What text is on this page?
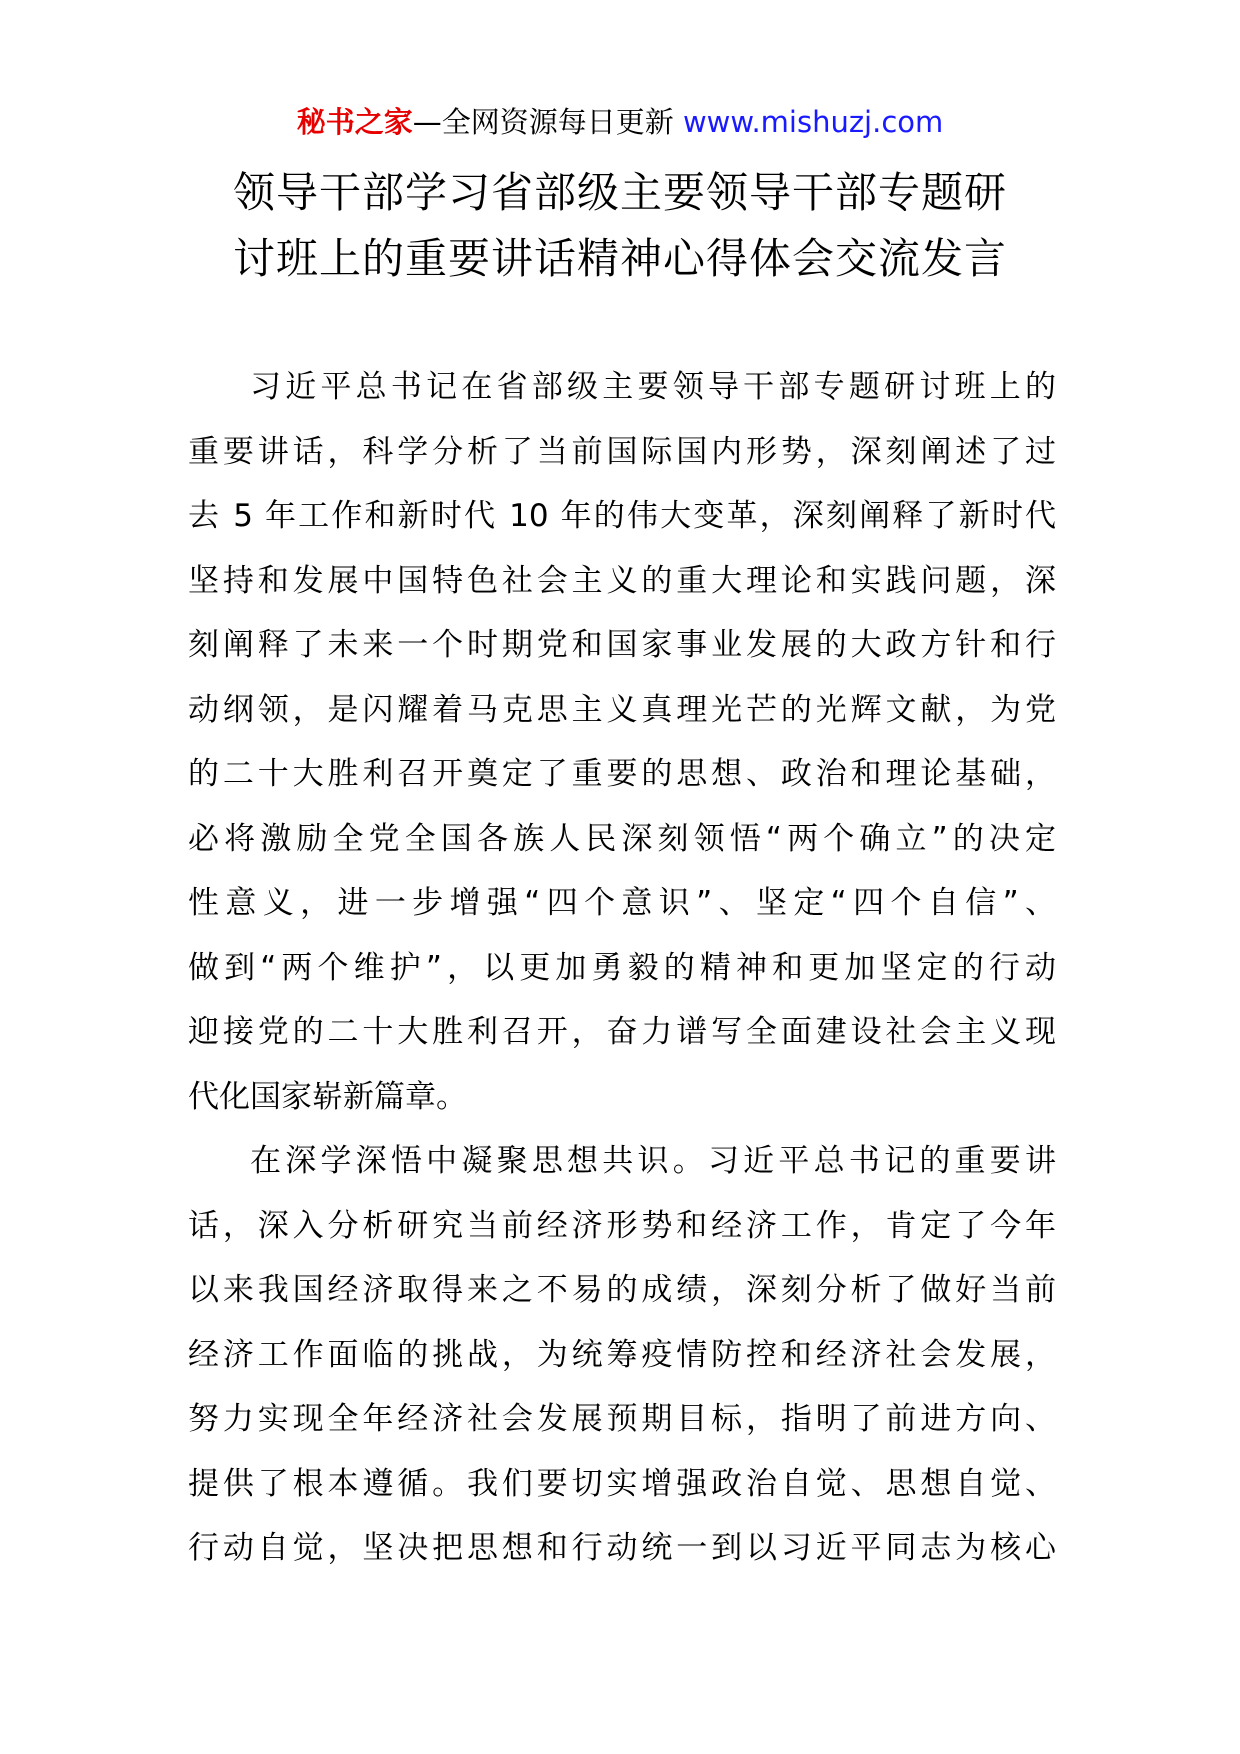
秘书之家—全网资源每日更新 www.mishuzj.com
领导干部学习省部级主要领导干部专题研
讨班上的重要讲话精神心得体会交流发言

习近平总书记在省部级主要领导干部专题研讨班上的
重要讲话，科学分析了当前国际国内形势，深刻阐述了过
去 5 年工作和新时代 10 年的伟大变革，深刻阐释了新时代
坚持和发展中国特色社会主义的重大理论和实践问题，深
刻阐释了未来一个时期党和国家事业发展的大政方针和行
动纲领，是闪耀着马克思主义真理光芒的光辉文献，为党
的二十大胜利召开奠定了重要的思想、政治和理论基础，
必将激励全党全国各族人民深刻领悟“两个确立”的决定
性意义，进一步增强“四个意识”、坚定“四个自信”、
做到“两个维护”，以更加勇毅的精神和更加坚定的行动
迎接党的二十大胜利召开，奋力谱写全面建设社会主义现
代化国家崭新篇章。

在深学深悟中凝聚思想共识。习近平总书记的重要讲
话，深入分析研究当前经济形势和经济工作，肯定了今年
以来我国经济取得来之不易的成绩，深刻分析了做好当前
经济工作面临的挑战，为统筹疫情防控和经济社会发展，
努力实现全年经济社会发展预期目标，指明了前进方向、
提供了根本遵循。我们要切实增强政治自觉、思想自觉、
行动自觉，坚决把思想和行动统一到以习近平同志为核心
